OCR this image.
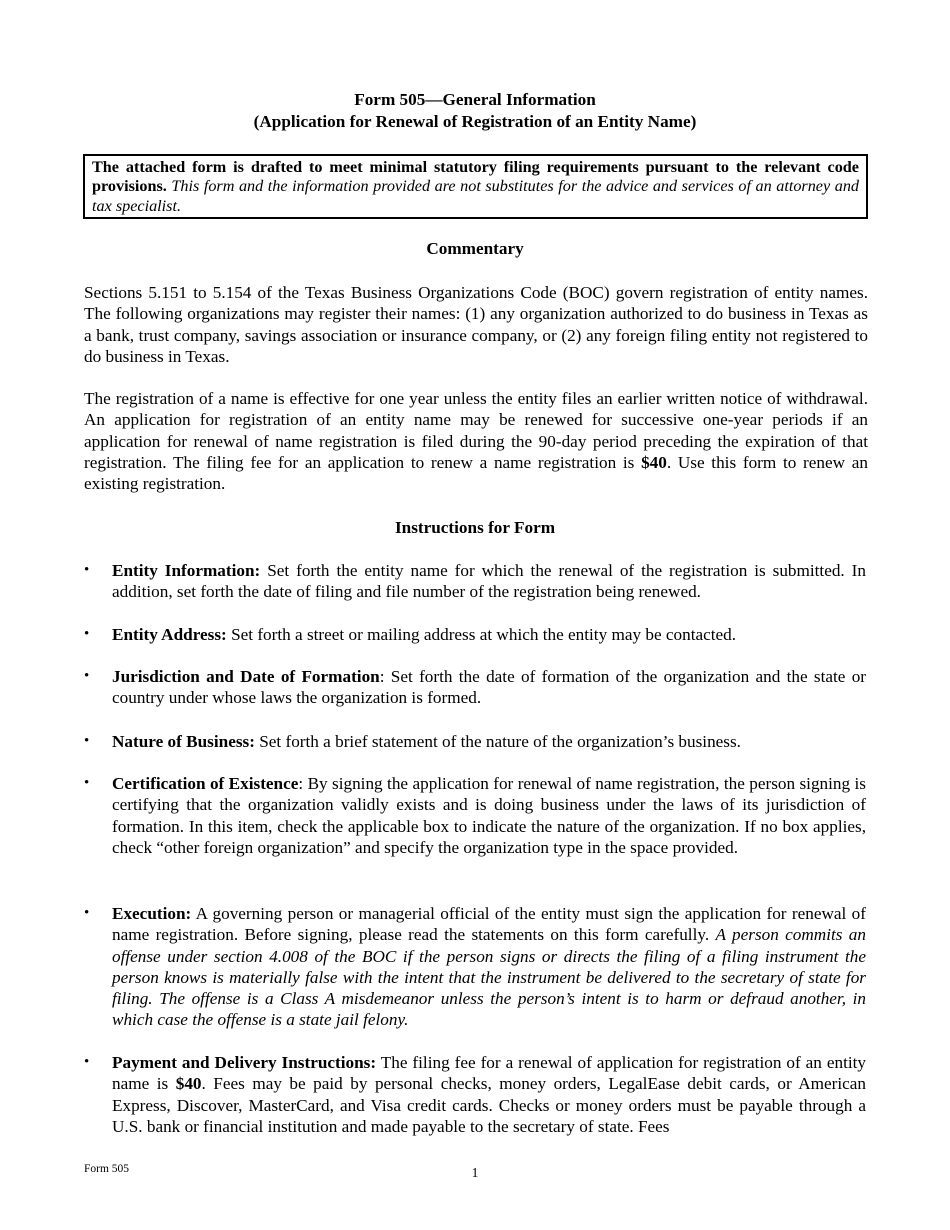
Form 505—General Information
(Application for Renewal of Registration of an Entity Name)
The attached form is drafted to meet minimal statutory filing requirements pursuant to the relevant code provisions. This form and the information provided are not substitutes for the advice and services of an attorney and tax specialist.
Commentary

Sections 5.151 to 5.154 of the Texas Business Organizations Code (BOC) govern registration of entity names. The following organizations may register their names: (1) any organization authorized to do business in Texas as a bank, trust company, savings association or insurance company, or (2) any foreign filing entity not registered to do business in Texas.

The registration of a name is effective for one year unless the entity files an earlier written notice of withdrawal. An application for registration of an entity name may be renewed for successive one-year periods if an application for renewal of name registration is filed during the 90-day period preceding the expiration of that registration. The filing fee for an application to renew a name registration is $40. Use this form to renew an existing registration.

Instructions for Form
•	Entity Information: Set forth the entity name for which the renewal of the registration is submitted. In addition, set forth the date of filing and file number of the registration being renewed.
•	Entity Address: Set forth a street or mailing address at which the entity may be contacted.
•	Jurisdiction and Date of Formation: Set forth the date of formation of the organization and the state or country under whose laws the organization is formed.
•	Nature of Business: Set forth a brief statement of the nature of the organization’s business.
•	Certification of Existence: By signing the application for renewal of name registration, the person signing is certifying that the organization validly exists and is doing business under the laws of its jurisdiction of formation. In this item, check the applicable box to indicate the nature of the organization. If no box applies, check “other foreign organization” and specify the organization type in the space provided.
•	Execution: A governing person or managerial official of the entity must sign the application for renewal of name registration. Before signing, please read the statements on this form carefully. A person commits an offense under section 4.008 of the BOC if the person signs or directs the filing of a filing instrument the person knows is materially false with the intent that the instrument be delivered to the secretary of state for filing. The offense is a Class A misdemeanor unless the person’s intent is to harm or defraud another, in which case the offense is a state jail felony.
•	Payment and Delivery Instructions: The filing fee for a renewal of application for registration of an entity name is $40. Fees may be paid by personal checks, money orders, LegalEase debit cards, or American Express, Discover, MasterCard, and Visa credit cards. Checks or money orders must be payable through a U.S. bank or financial institution and made payable to the secretary of state. Fees
Form 505	1
